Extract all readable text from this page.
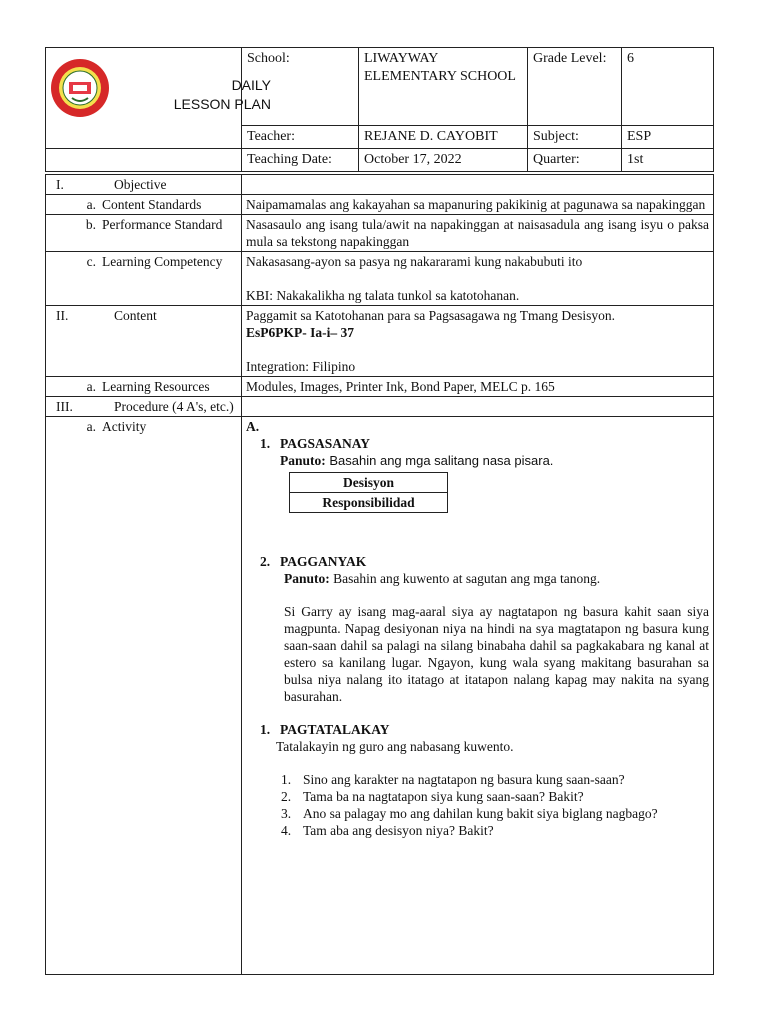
DAILY
LESSON PLAN	School:	LIWAYWAY ELEMENTARY SCHOOL	Grade Level:	6
	Teacher:	REJANE D. CAYOBIT	Subject:	ESP
	Teaching Date:	October 17, 2022	Quarter:	1st
I.	Objective

a. Content Standards	Naipamamalas ang kakayahan sa mapanuring pakikinig at pagunawa sa napakinggan

b. Performance Standard	Nasasaulo ang isang tula/awit na napakinggan at naisasadula ang isang isyu o paksa mula sa tekstong napakinggan

c. Learning Competency	Nakasasang-ayon sa pasya ng nakararami kung nakabubuti ito
KBI: Nakakalikha ng talata tunkol sa katotohanan.

II.	Content	Paggamit sa Katotohanan para sa Pagsasagawa ng Tmang Desisyon.
EsP6PKP- Ia-i– 37
Integration: Filipino

a. Learning Resources	Modules, Images, Printer Ink, Bond Paper, MELC p. 165

III.	Procedure (4 A's, etc.)

a. Activity	A.
1. PAGSASANAY
Panuto: Basahin ang mga salitang nasa pisara.
Desisyon
Responsibilidad
2. PAGGANYAK
Panuto: Basahin ang kuwento at sagutan ang mga tanong.
Si Garry ay isang mag-aaral siya ay nagtatapon ng basura kahit saan siya magpunta. Napag desiyonan niya na hindi na sya magtatapon ng basura kung saan-saan dahil sa palagi na silang binabaha dahil sa pagkakabara ng kanal at estero sa kanilang lugar. Ngayon, kung wala syang makitang basurahan sa bulsa niya nalang ito itatago at itatapon nalang kapag may nakita na syang basurahan.
1. PAGTATALAKAY
Tatalakayin ng guro ang nabasang kuwento.
1. Sino ang karakter na nagtatapon ng basura kung saan-saan?
2. Tama ba na nagtatapon siya kung saan-saan? Bakit?
3. Ano sa palagay mo ang dahilan kung bakit siya biglang nagbago?
4. Tam aba ang desisyon niya? Bakit?
